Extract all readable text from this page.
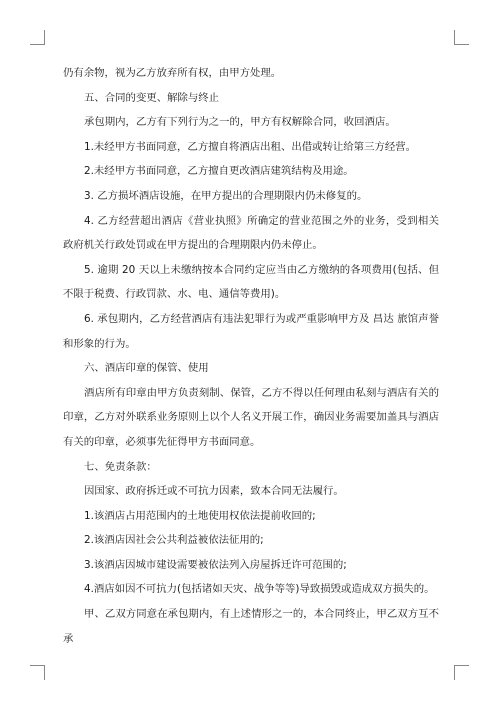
仍有余物，视为乙方放弃所有权，由甲方处理。

五、合同的变更、解除与终止

承包期内，乙方有下列行为之一的，甲方有权解除合同，收回酒店。

1.未经甲方书面同意，乙方擅自将酒店出租、出借或转让给第三方经营。

2.未经甲方书面同意，乙方擅自更改酒店建筑结构及用途。

3. 乙方损坏酒店设施，在甲方提出的合理期限内仍未修复的。

4. 乙方经营超出酒店《营业执照》所确定的营业范围之外的业务，受到相关政府机关行政处罚或在甲方提出的合理期限内仍未停止。

5. 逾期 20 天以上未缴纳按本合同约定应当由乙方缴纳的各项费用(包括、但不限于税费、行政罚款、水、电、通信等费用)。

6. 承包期内，乙方经营酒店有违法犯罪行为或严重影响甲方及 昌达 旅馆声誉和形象的行为。

六、酒店印章的保管、使用

酒店所有印章由甲方负责刻制、保管，乙方不得以任何理由私刻与酒店有关的印章，乙方对外联系业务原则上以个人名义开展工作，确因业务需要加盖具与酒店有关的印章，必须事先征得甲方书面同意。

七、免责条款：

因国家、政府拆迁或不可抗力因素，致本合同无法履行。

1.该酒店占用范围内的土地使用权依法提前收回的;

2.该酒店因社会公共利益被依法征用的;

3.该酒店因城市建设需要被依法列入房屋拆迁许可范围的;

4.酒店如因不可抗力(包括诸如天灾、战争等等)导致损毁或造成双方损失的。

甲、乙双方同意在承包期内，有上述情形之一的，本合同终止，甲乙双方互不承
